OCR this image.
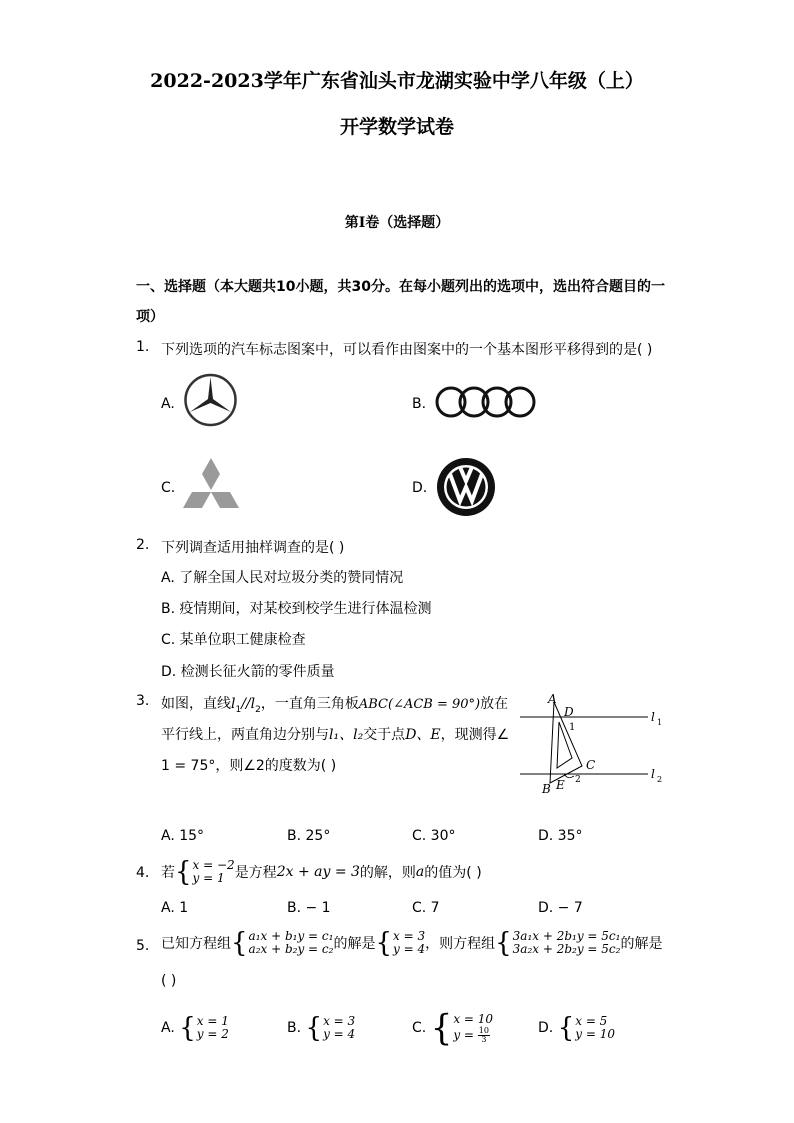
2022-2023学年广东省汕头市龙湖实验中学八年级（上）
开学数学试卷
第Ⅰ卷（选择题）
一、选择题（本大题共10小题，共30分。在每小题列出的选项中，选出符合题目的一
项）
1. 下列选项的汽车标志图案中，可以看作由图案中的一个基本图形平移得到的是( )
A.	B.
C.	D.
2. 下列调查适用抽样调查的是( )
A. 了解全国人民对垃圾分类的赞同情况
B. 疫情期间，对某校到校学生进行体温检测
C. 某单位职工健康检查
D. 检测长征火箭的零件质量
3. 如图，直线$l_1//l_2$，一直角三角板ABC(∠ACB = 90°)放在
平行线上，两直角边分别与l₁、l₂交于点D、E，现测得∠
1 = 75°，则∠2的度数为( )
A
D
1
C
B E 2
l 1
l 2
A. 15°	B. 25°	C. 30°	D. 35°
4. 若 { x = −2
y = 1 是方程 2x + ay = 3 的解，则 a 的值为( )
A. 1	B. − 1	C. 7	D. − 7
5. 已知方程组 { a₁x + b₁y = c₁
a₂x + b₂y = c₂ 的解是 { x = 3
y = 4 ，则方程组 { 3a₁x + 2b₁y = 5c₁
3a₂x + 2b₂y = 5c₂ 的解是
( )
A.
{ x = 1
y = 2	B.
{ x = 3
y = 4	C.
{ x = 10
$y = \frac{10}{3}$	D.
{ x = 5
y = 10
